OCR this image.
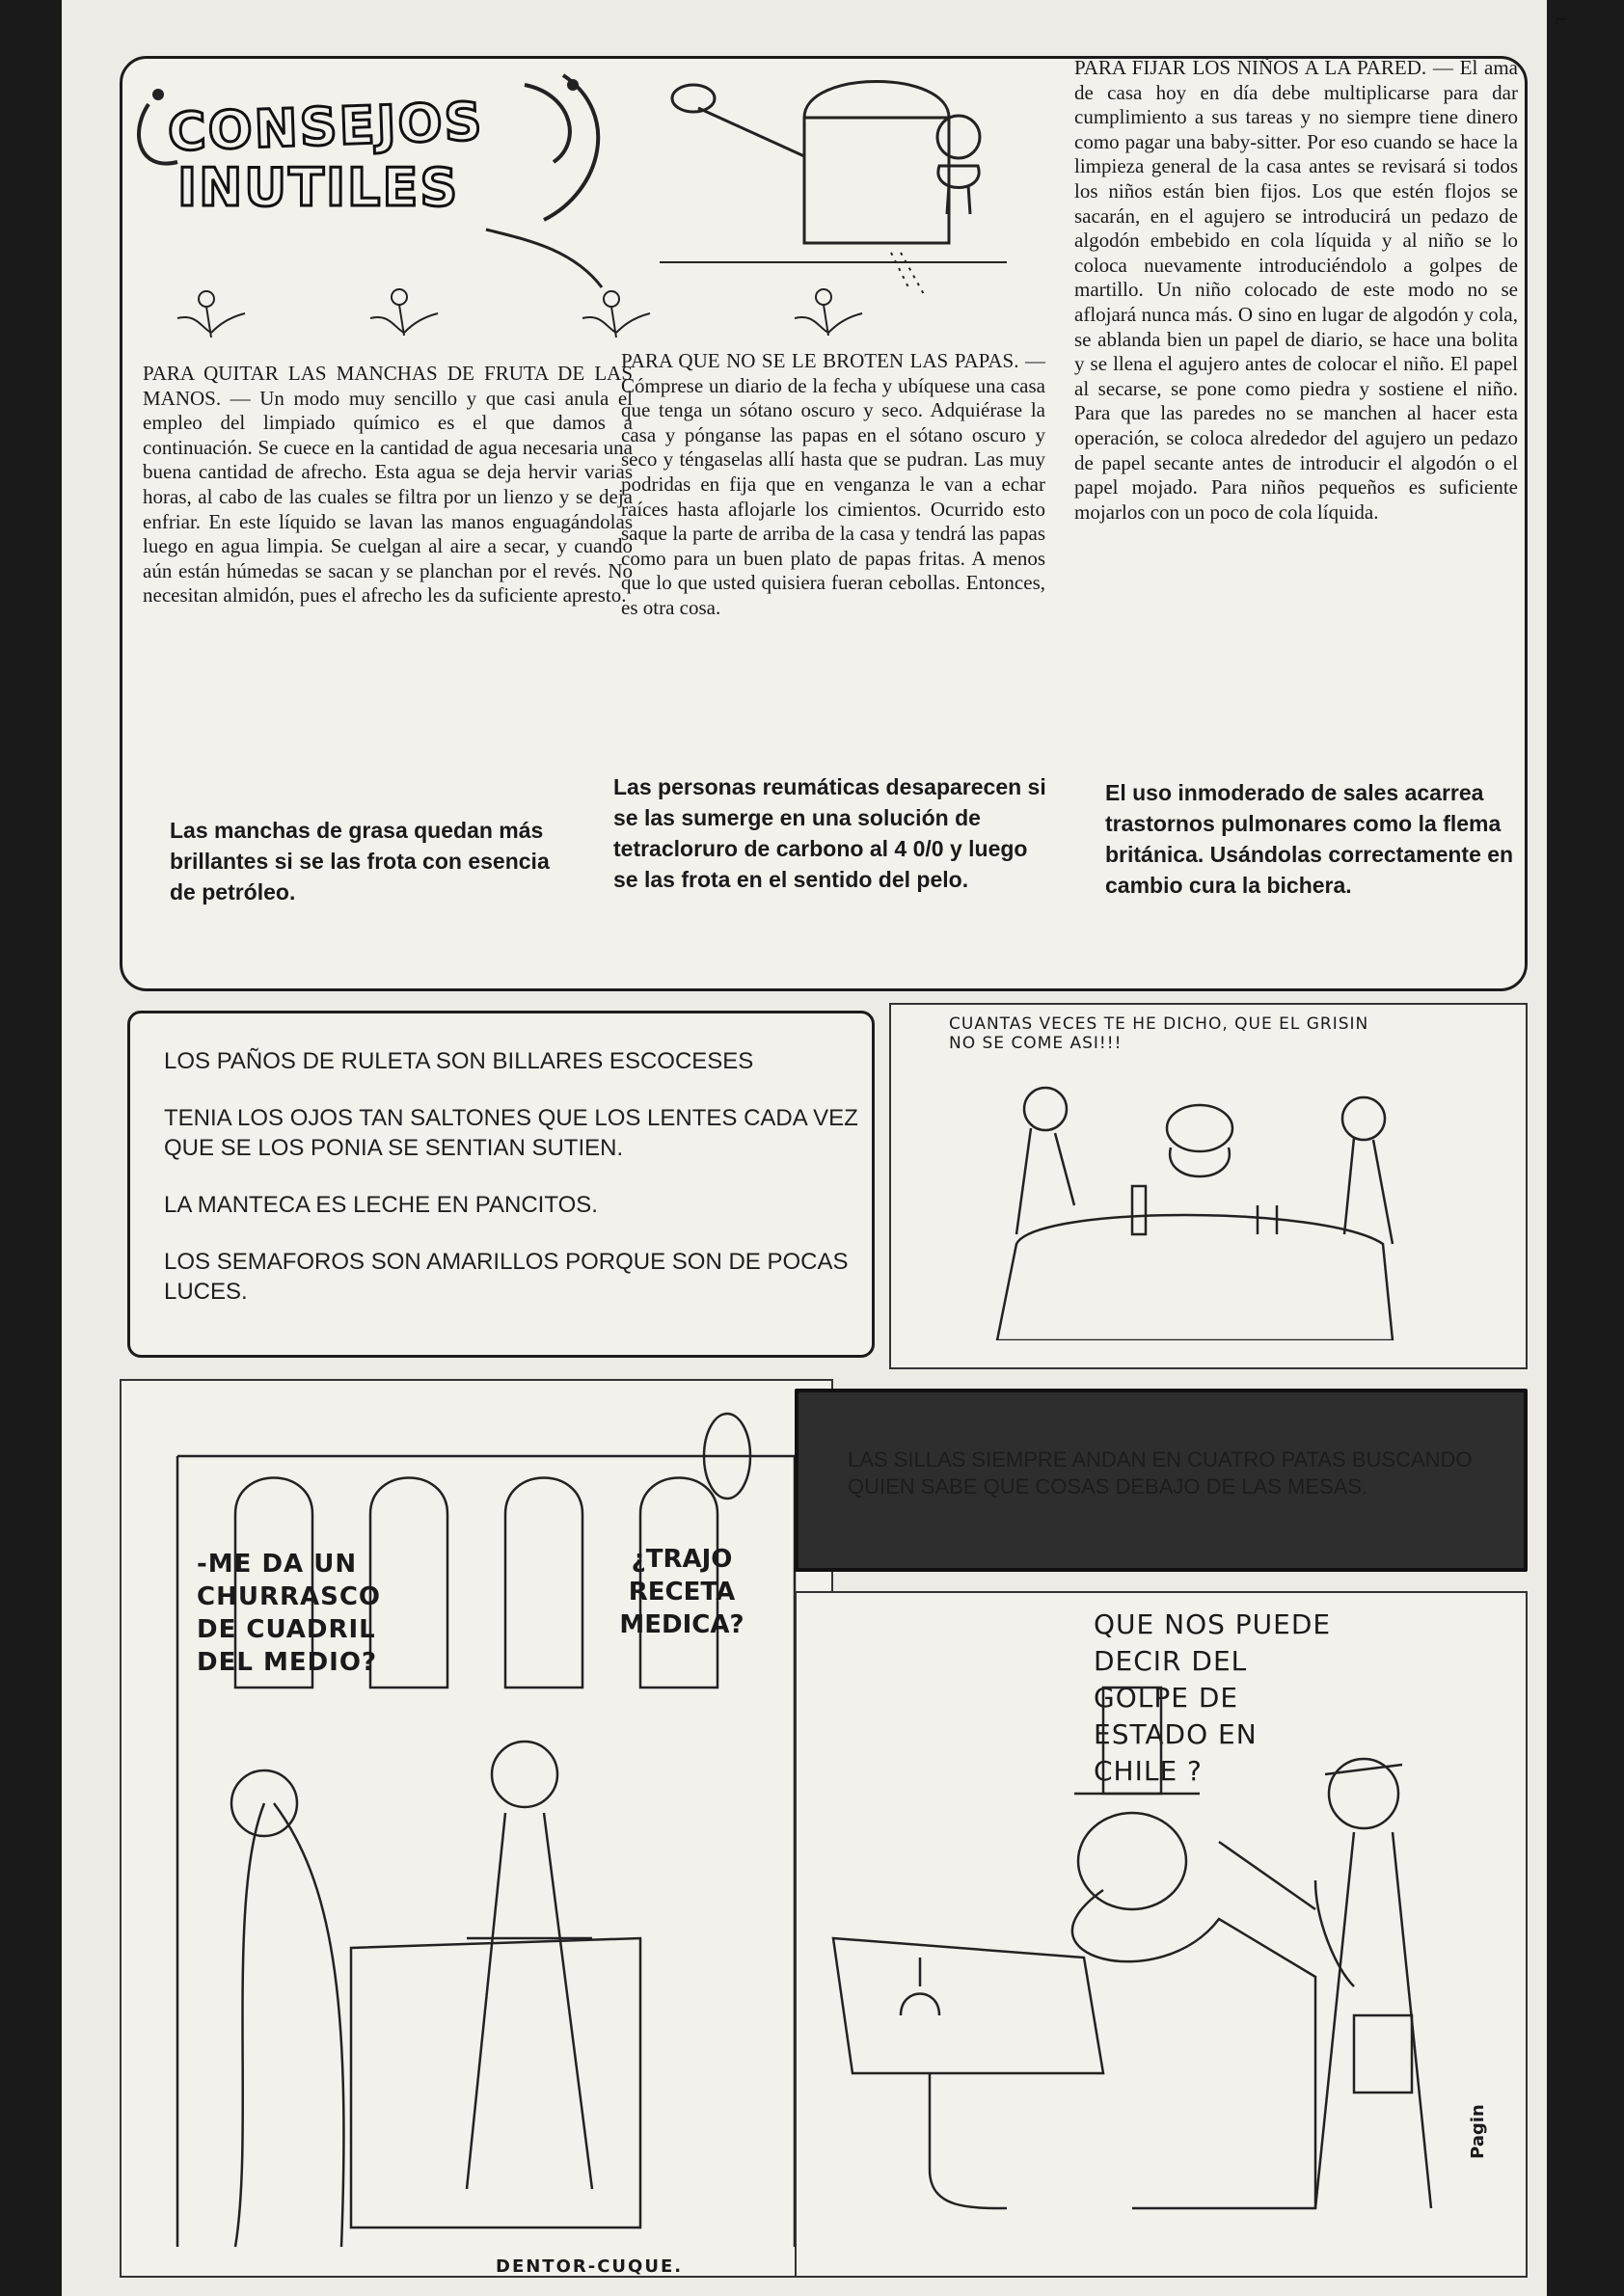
⌐
CONSEJOS
INUTILES

PARA QUITAR LAS MANCHAS DE FRUTA DE LAS MANOS. — Un modo muy sencillo y que casi anula el empleo del limpiado químico es el que damos a continuación. Se cuece en la cantidad de agua necesaria una buena cantidad de afrecho. Esta agua se deja hervir varias horas, al cabo de las cuales se filtra por un lienzo y se deja enfriar. En este líquido se lavan las manos enguagándolas luego en agua limpia. Se cuelgan al aire a secar, y cuando aún están húmedas se sacan y se planchan por el revés. No necesitan almidón, pues el afrecho les da suficiente apresto.

PARA QUE NO SE LE BROTEN LAS PAPAS. — Cómprese un diario de la fecha y ubíquese una casa que tenga un sótano oscuro y seco. Adquiérase la casa y pónganse las papas en el sótano oscuro y seco y téngaselas allí hasta que se pudran. Las muy podridas en fija que en venganza le van a echar raíces hasta aflojarle los cimientos. Ocurrido esto saque la parte de arriba de la casa y tendrá las papas como para un buen plato de papas fritas. A menos que lo que usted quisiera fueran cebollas. Entonces, es otra cosa.

PARA FIJAR LOS NIÑOS A LA PARED. — El ama de casa hoy en día debe multiplicarse para dar cumplimiento a sus tareas y no siempre tiene dinero como pagar una baby-sitter. Por eso cuando se hace la limpieza general de la casa antes se revisará si todos los niños están bien fijos. Los que estén flojos se sacarán, en el agujero se introducirá un pedazo de algodón embebido en cola líquida y al niño se lo coloca nuevamente introduciéndolo a golpes de martillo. Un niño colocado de este modo no se aflojará nunca más. O sino en lugar de algodón y cola, se ablanda bien un papel de diario, se hace una bolita y se llena el agujero antes de colocar el niño. El papel al secarse, se pone como piedra y sostiene el niño. Para que las paredes no se manchen al hacer esta operación, se coloca alrededor del agujero un pedazo de papel secante antes de introducir el algodón o el papel mojado. Para niños pequeños es suficiente mojarlos con un poco de cola líquida.

Las manchas de grasa quedan más brillantes si se las frota con esencia de petróleo.
Las personas reumáticas desaparecen si se las sumerge en una solución de tetracloruro de carbono al 4 0/0 y luego se las frota en el sentido del pelo.
El uso inmoderado de sales acarrea trastornos pulmonares como la flema británica. Usándolas correctamente en cambio cura la bichera.

LOS PAÑOS DE RULETA SON BILLARES ESCOCESES

TENIA LOS OJOS TAN SALTONES QUE LOS LENTES CADA VEZ QUE SE LOS PONIA SE SENTIAN SUTIEN.

LA MANTECA ES LECHE EN PANCITOS.

LOS SEMAFOROS SON AMARILLOS PORQUE SON DE POCAS LUCES.

CUANTAS VECES TE HE DICHO, QUE EL GRISIN NO SE COME ASI!!!
-ME DA UN CHURRASCO DE CUADRIL DEL MEDIO?
¿TRAJO RECETA MEDICA?
DENTOR-CUQUE.
LAS SILLAS SIEMPRE ANDAN EN CUATRO PATAS BUSCANDO QUIEN SABE QUE COSAS DEBAJO DE LAS MESAS.
QUE NOS PUEDE DECIR DEL GOLPE DE ESTADO EN CHILE ?
Pagin
